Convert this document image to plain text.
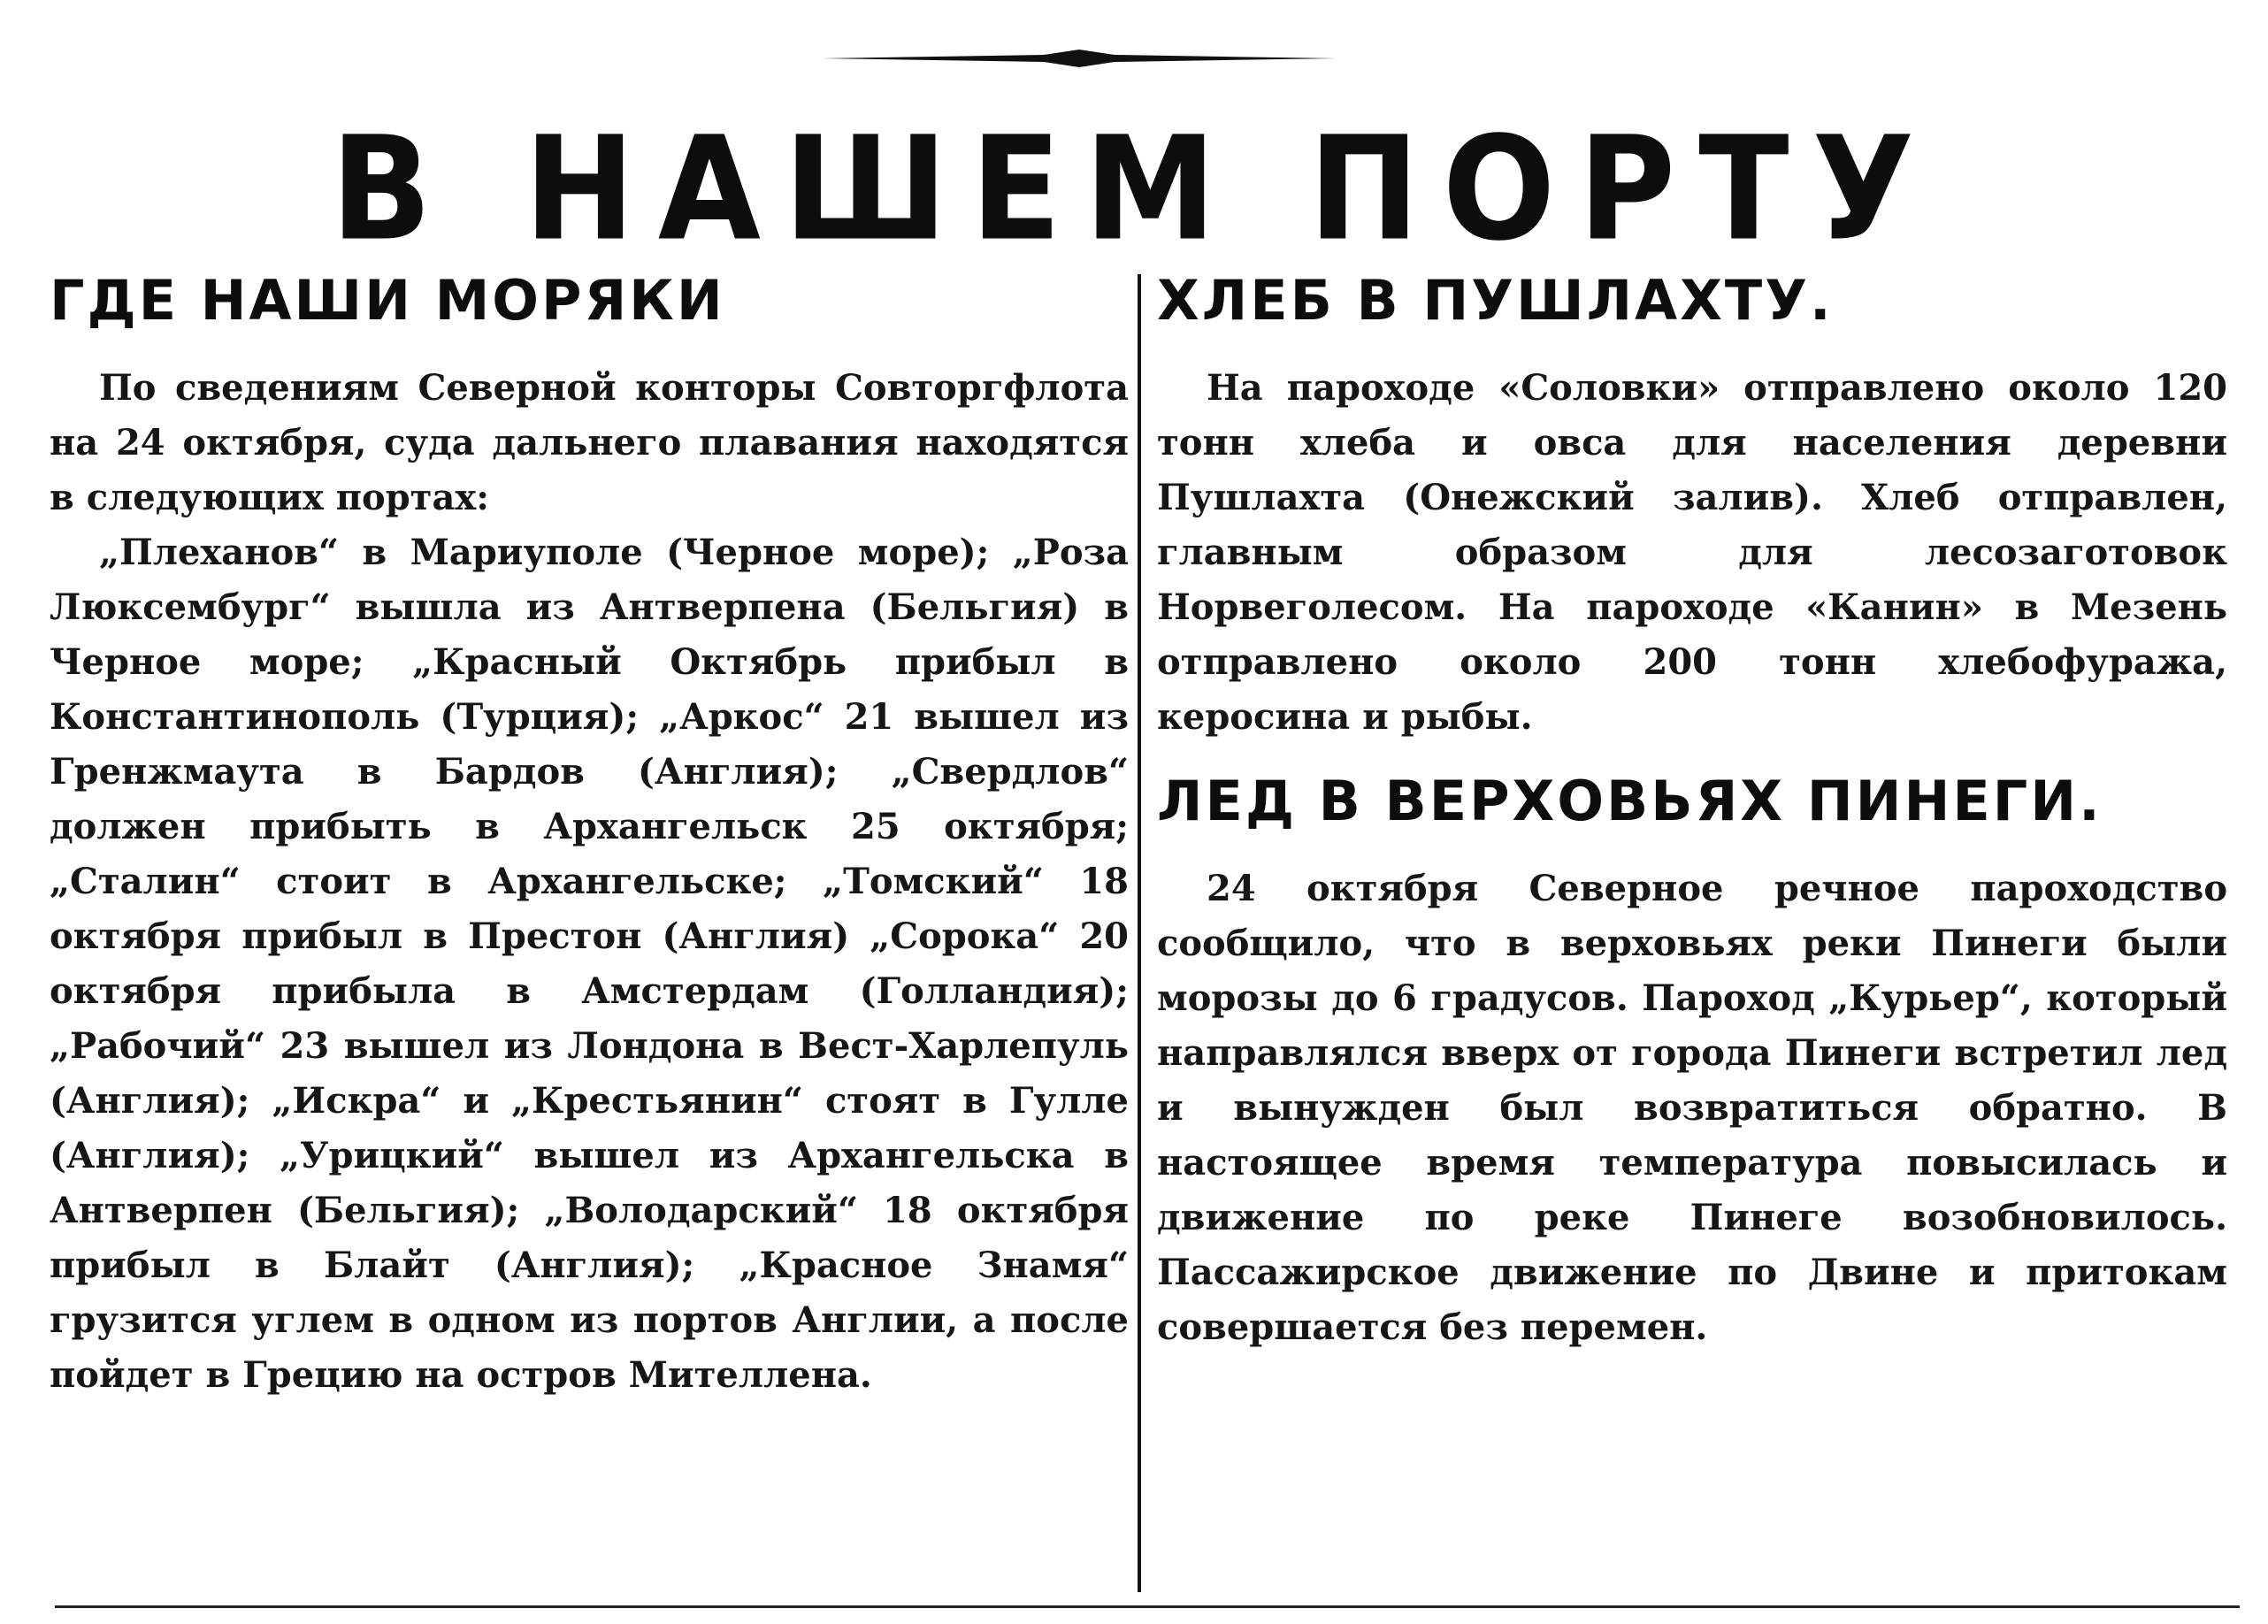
В НАШЕМ ПОРТУ
ГДЕ НАШИ МОРЯКИ

По сведениям Северной конторы Совторгфлота на 24 октября, суда дальнего плавания находятся в следующих портах:

„Плеханов“ в Мариуполе (Черное море); „Роза Люксембург“ вышла из Антверпена (Бельгия) в Черное море; „Красный Октябрь прибыл в Константинополь (Турция); „Аркос“ 21 вышел из Гренжмаута в Бардов (Англия); „Свердлов“ должен прибыть в Архангельск 25 октября; „Сталин“ стоит в Архангельске; „Томский“ 18 октября прибыл в Престон (Англия) „Сорока“ 20 октября прибыла в Амстердам (Голландия); „Рабочий“ 23 вышел из Лондона в Вест-Харлепуль (Англия); „Искра“ и „Крестьянин“ стоят в Гулле (Англия); „Урицкий“ вышел из Архангельска в Антверпен (Бельгия); „Володарский“ 18 октября прибыл в Блайт (Англия); „Красное Знамя“ грузится углем в одном из портов Англии, а после пойдет в Грецию на остров Мителлена.

ХЛЕБ В ПУШЛАХТУ.

На пароходе «Соловки» отправлено около 120 тонн хлеба и овса для населения деревни Пушлахта (Онежский залив). Хлеб отправлен, главным образом для лесозаготовок Норвеголесом. На пароходе «Канин» в Мезень отправлено около 200 тонн хлебофуража, керосина и рыбы.

ЛЕД В ВЕРХОВЬЯХ ПИНЕГИ.

24 октября Северное речное пароходство сообщило, что в верховьях реки Пинеги были морозы до 6 градусов. Пароход „Курьер“, который направлялся вверх от города Пинеги встретил лед и вынужден был возвратиться обратно. В настоящее время температура повысилась и движение по реке Пинеге возобновилось. Пассажирское движение по Двине и притокам совершается без перемен.
